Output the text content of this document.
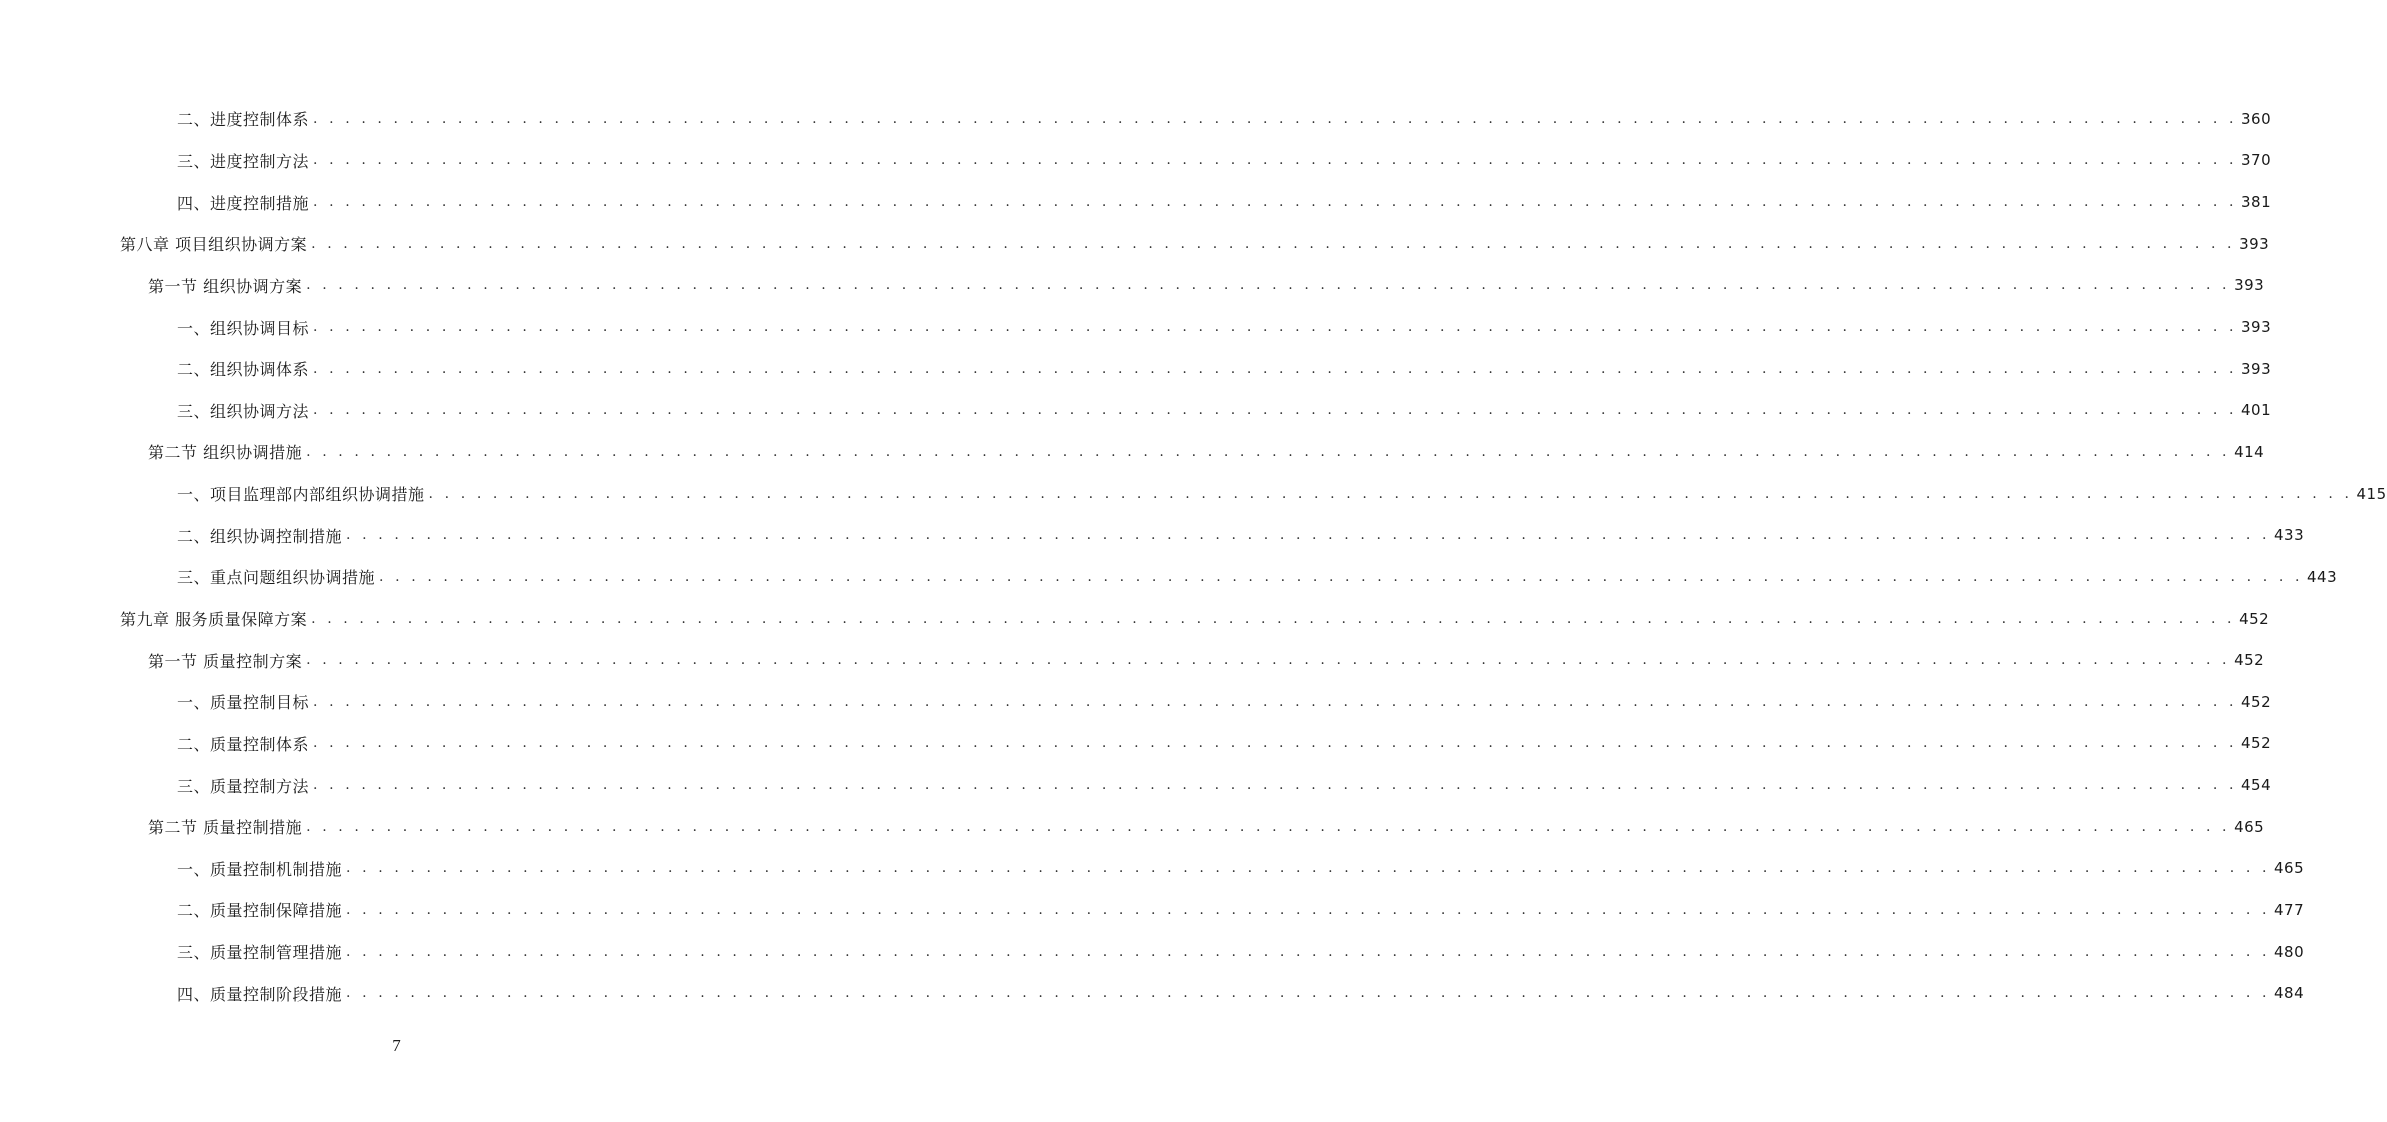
二、进度控制体系 . . . . . . . . . . . . . . . . . . . . . . . . . . . . . . . . . . . . . . . . . . . . . . . . . . . . . . . . . . . . . . . . . . . . . . . . . . . . . . . . . . . . . . . . . . . . . . . . . . . . . . . . . . . . . . . . . . . . . . . . 360
三、进度控制方法 . . . . . . . . . . . . . . . . . . . . . . . . . . . . . . . . . . . . . . . . . . . . . . . . . . . . . . . . . . . . . . . . . . . . . . . . . . . . . . . . . . . . . . . . . . . . . . . . . . . . . . . . . . . . . . . . . . . . . . . . 370
四、进度控制措施 . . . . . . . . . . . . . . . . . . . . . . . . . . . . . . . . . . . . . . . . . . . . . . . . . . . . . . . . . . . . . . . . . . . . . . . . . . . . . . . . . . . . . . . . . . . . . . . . . . . . . . . . . . . . . . . . . . . . . . . . 381
第八章 项目组织协调方案 . . . . . . . . . . . . . . . . . . . . . . . . . . . . . . . . . . . . . . . . . . . . . . . . . . . . . . . . . . . . . . . . . . . . . . . . . . . . . . . . . . . . . . . . . . . . . . . . . . . . . . . . . . . . . . . . . . . . . . . . 393
第一节 组织协调方案 . . . . . . . . . . . . . . . . . . . . . . . . . . . . . . . . . . . . . . . . . . . . . . . . . . . . . . . . . . . . . . . . . . . . . . . . . . . . . . . . . . . . . . . . . . . . . . . . . . . . . . . . . . . . . . . . . . . . . . . . 393
一、组织协调目标 . . . . . . . . . . . . . . . . . . . . . . . . . . . . . . . . . . . . . . . . . . . . . . . . . . . . . . . . . . . . . . . . . . . . . . . . . . . . . . . . . . . . . . . . . . . . . . . . . . . . . . . . . . . . . . . . . . . . . . . . 393
二、组织协调体系 . . . . . . . . . . . . . . . . . . . . . . . . . . . . . . . . . . . . . . . . . . . . . . . . . . . . . . . . . . . . . . . . . . . . . . . . . . . . . . . . . . . . . . . . . . . . . . . . . . . . . . . . . . . . . . . . . . . . . . . . 393
三、组织协调方法 . . . . . . . . . . . . . . . . . . . . . . . . . . . . . . . . . . . . . . . . . . . . . . . . . . . . . . . . . . . . . . . . . . . . . . . . . . . . . . . . . . . . . . . . . . . . . . . . . . . . . . . . . . . . . . . . . . . . . . . . 401
第二节 组织协调措施 . . . . . . . . . . . . . . . . . . . . . . . . . . . . . . . . . . . . . . . . . . . . . . . . . . . . . . . . . . . . . . . . . . . . . . . . . . . . . . . . . . . . . . . . . . . . . . . . . . . . . . . . . . . . . . . . . . . . . . . . 414
一、项目监理部内部组织协调措施 . . . . . . . . . . . . . . . . . . . . . . . . . . . . . . . . . . . . . . . . . . . . . . . . . . . . . . . . . . . . . . . . . . . . . . . . . . . . . . . . . . . . . . . . . . . . . . . . . . . . . . . . . . . . . . . . . . . . . . . . 415
二、组织协调控制措施 . . . . . . . . . . . . . . . . . . . . . . . . . . . . . . . . . . . . . . . . . . . . . . . . . . . . . . . . . . . . . . . . . . . . . . . . . . . . . . . . . . . . . . . . . . . . . . . . . . . . . . . . . . . . . . . . . . . . . . . . 433
三、重点问题组织协调措施 . . . . . . . . . . . . . . . . . . . . . . . . . . . . . . . . . . . . . . . . . . . . . . . . . . . . . . . . . . . . . . . . . . . . . . . . . . . . . . . . . . . . . . . . . . . . . . . . . . . . . . . . . . . . . . . . . . . . . . . . 443
第九章 服务质量保障方案 . . . . . . . . . . . . . . . . . . . . . . . . . . . . . . . . . . . . . . . . . . . . . . . . . . . . . . . . . . . . . . . . . . . . . . . . . . . . . . . . . . . . . . . . . . . . . . . . . . . . . . . . . . . . . . . . . . . . . . . . 452
第一节 质量控制方案 . . . . . . . . . . . . . . . . . . . . . . . . . . . . . . . . . . . . . . . . . . . . . . . . . . . . . . . . . . . . . . . . . . . . . . . . . . . . . . . . . . . . . . . . . . . . . . . . . . . . . . . . . . . . . . . . . . . . . . . . 452
一、质量控制目标 . . . . . . . . . . . . . . . . . . . . . . . . . . . . . . . . . . . . . . . . . . . . . . . . . . . . . . . . . . . . . . . . . . . . . . . . . . . . . . . . . . . . . . . . . . . . . . . . . . . . . . . . . . . . . . . . . . . . . . . . 452
二、质量控制体系 . . . . . . . . . . . . . . . . . . . . . . . . . . . . . . . . . . . . . . . . . . . . . . . . . . . . . . . . . . . . . . . . . . . . . . . . . . . . . . . . . . . . . . . . . . . . . . . . . . . . . . . . . . . . . . . . . . . . . . . . 452
三、质量控制方法 . . . . . . . . . . . . . . . . . . . . . . . . . . . . . . . . . . . . . . . . . . . . . . . . . . . . . . . . . . . . . . . . . . . . . . . . . . . . . . . . . . . . . . . . . . . . . . . . . . . . . . . . . . . . . . . . . . . . . . . . 454
第二节 质量控制措施 . . . . . . . . . . . . . . . . . . . . . . . . . . . . . . . . . . . . . . . . . . . . . . . . . . . . . . . . . . . . . . . . . . . . . . . . . . . . . . . . . . . . . . . . . . . . . . . . . . . . . . . . . . . . . . . . . . . . . . . . 465
一、质量控制机制措施 . . . . . . . . . . . . . . . . . . . . . . . . . . . . . . . . . . . . . . . . . . . . . . . . . . . . . . . . . . . . . . . . . . . . . . . . . . . . . . . . . . . . . . . . . . . . . . . . . . . . . . . . . . . . . . . . . . . . . . . . 465
二、质量控制保障措施 . . . . . . . . . . . . . . . . . . . . . . . . . . . . . . . . . . . . . . . . . . . . . . . . . . . . . . . . . . . . . . . . . . . . . . . . . . . . . . . . . . . . . . . . . . . . . . . . . . . . . . . . . . . . . . . . . . . . . . . . 477
三、质量控制管理措施 . . . . . . . . . . . . . . . . . . . . . . . . . . . . . . . . . . . . . . . . . . . . . . . . . . . . . . . . . . . . . . . . . . . . . . . . . . . . . . . . . . . . . . . . . . . . . . . . . . . . . . . . . . . . . . . . . . . . . . . . 480
四、质量控制阶段措施 . . . . . . . . . . . . . . . . . . . . . . . . . . . . . . . . . . . . . . . . . . . . . . . . . . . . . . . . . . . . . . . . . . . . . . . . . . . . . . . . . . . . . . . . . . . . . . . . . . . . . . . . . . . . . . . . . . . . . . . . 484
7
